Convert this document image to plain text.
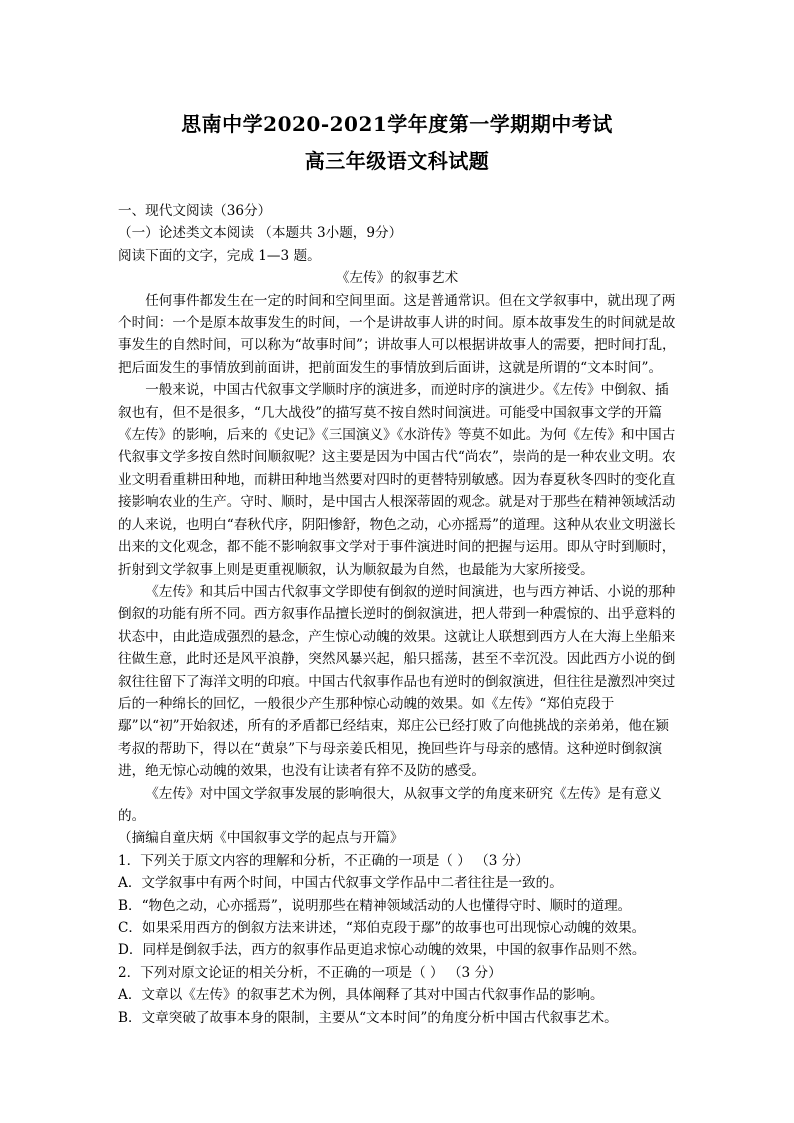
思南中学2020-2021学年度第一学期期中考试
高三年级语文科试题

一、现代文阅读（36分）

（一）论述类文本阅读 （本题共 3小题，9分）

阅读下面的文字，完成 1—3 题。

《左传》的叙事艺术

任何事件都发生在一定的时间和空间里面。这是普通常识。但在文学叙事中，就出现了两个时间：一个是原本故事发生的时间，一个是讲故事人讲的时间。原本故事发生的时间就是故事发生的自然时间，可以称为“故事时间”；讲故事人可以根据讲故事人的需要，把时间打乱，把后面发生的事情放到前面讲，把前面发生的事情放到后面讲，这就是所谓的“文本时间”。

一般来说，中国古代叙事文学顺时序的演进多，而逆时序的演进少。《左传》中倒叙、插叙也有，但不是很多，“几大战役”的描写莫不按自然时间演进。可能受中国叙事文学的开篇《左传》的影响，后来的《史记》《三国演义》《水浒传》等莫不如此。为何《左传》和中国古代叙事文学多按自然时间顺叙呢？这主要是因为中国古代“尚农”，崇尚的是一种农业文明。农业文明看重耕田种地，而耕田种地当然要对四时的更替特别敏感。因为春夏秋冬四时的变化直接影响农业的生产。守时、顺时，是中国古人根深蒂固的观念。就是对于那些在精神领域活动的人来说，也明白“春秋代序，阴阳惨舒，物色之动，心亦摇焉”的道理。这种从农业文明滋长出来的文化观念，都不能不影响叙事文学对于事件演进时间的把握与运用。即从守时到顺时，折射到文学叙事上则是更重视顺叙，认为顺叙最为自然，也最能为大家所接受。

《左传》和其后中国古代叙事文学即使有倒叙的逆时间演进，也与西方神话、小说的那种倒叙的功能有所不同。西方叙事作品擅长逆时的倒叙演进，把人带到一种震惊的、出乎意料的状态中，由此造成强烈的悬念，产生惊心动魄的效果。这就让人联想到西方人在大海上坐船来往做生意，此时还是风平浪静，突然风暴兴起，船只摇荡，甚至不幸沉没。因此西方小说的倒叙往往留下了海洋文明的印痕。中国古代叙事作品也有逆时的倒叙演进，但往往是激烈冲突过后的一种绵长的回忆，一般很少产生那种惊心动魄的效果。如《左传》“郑伯克段于鄢”以“初”开始叙述，所有的矛盾都已经结束，郑庄公已经打败了向他挑战的亲弟弟，他在颍考叔的帮助下，得以在“黄泉”下与母亲姜氏相见，挽回些许与母亲的感情。这种逆时倒叙演进，绝无惊心动魄的效果，也没有让读者有猝不及防的感受。

《左传》对中国文学叙事发展的影响很大，从叙事文学的角度来研究《左传》是有意义的。

（摘编自童庆炳《中国叙事文学的起点与开篇》

1．下列关于原文内容的理解和分析，不正确的一项是（ ） （3 分）

A．文学叙事中有两个时间，中国古代叙事文学作品中二者往往是一致的。

B．“物色之动，心亦摇焉”，说明那些在精神领域活动的人也懂得守时、顺时的道理。

C．如果采用西方的倒叙方法来讲述，“郑伯克段于鄢”的故事也可出现惊心动魄的效果。

D．同样是倒叙手法，西方的叙事作品更追求惊心动魄的效果，中国的叙事作品则不然。

2．下列对原文论证的相关分析，不正确的一项是（ ） （3 分）

A．文章以《左传》的叙事艺术为例，具体阐释了其对中国古代叙事作品的影响。

B．文章突破了故事本身的限制，主要从“文本时间”的角度分析中国古代叙事艺术。
